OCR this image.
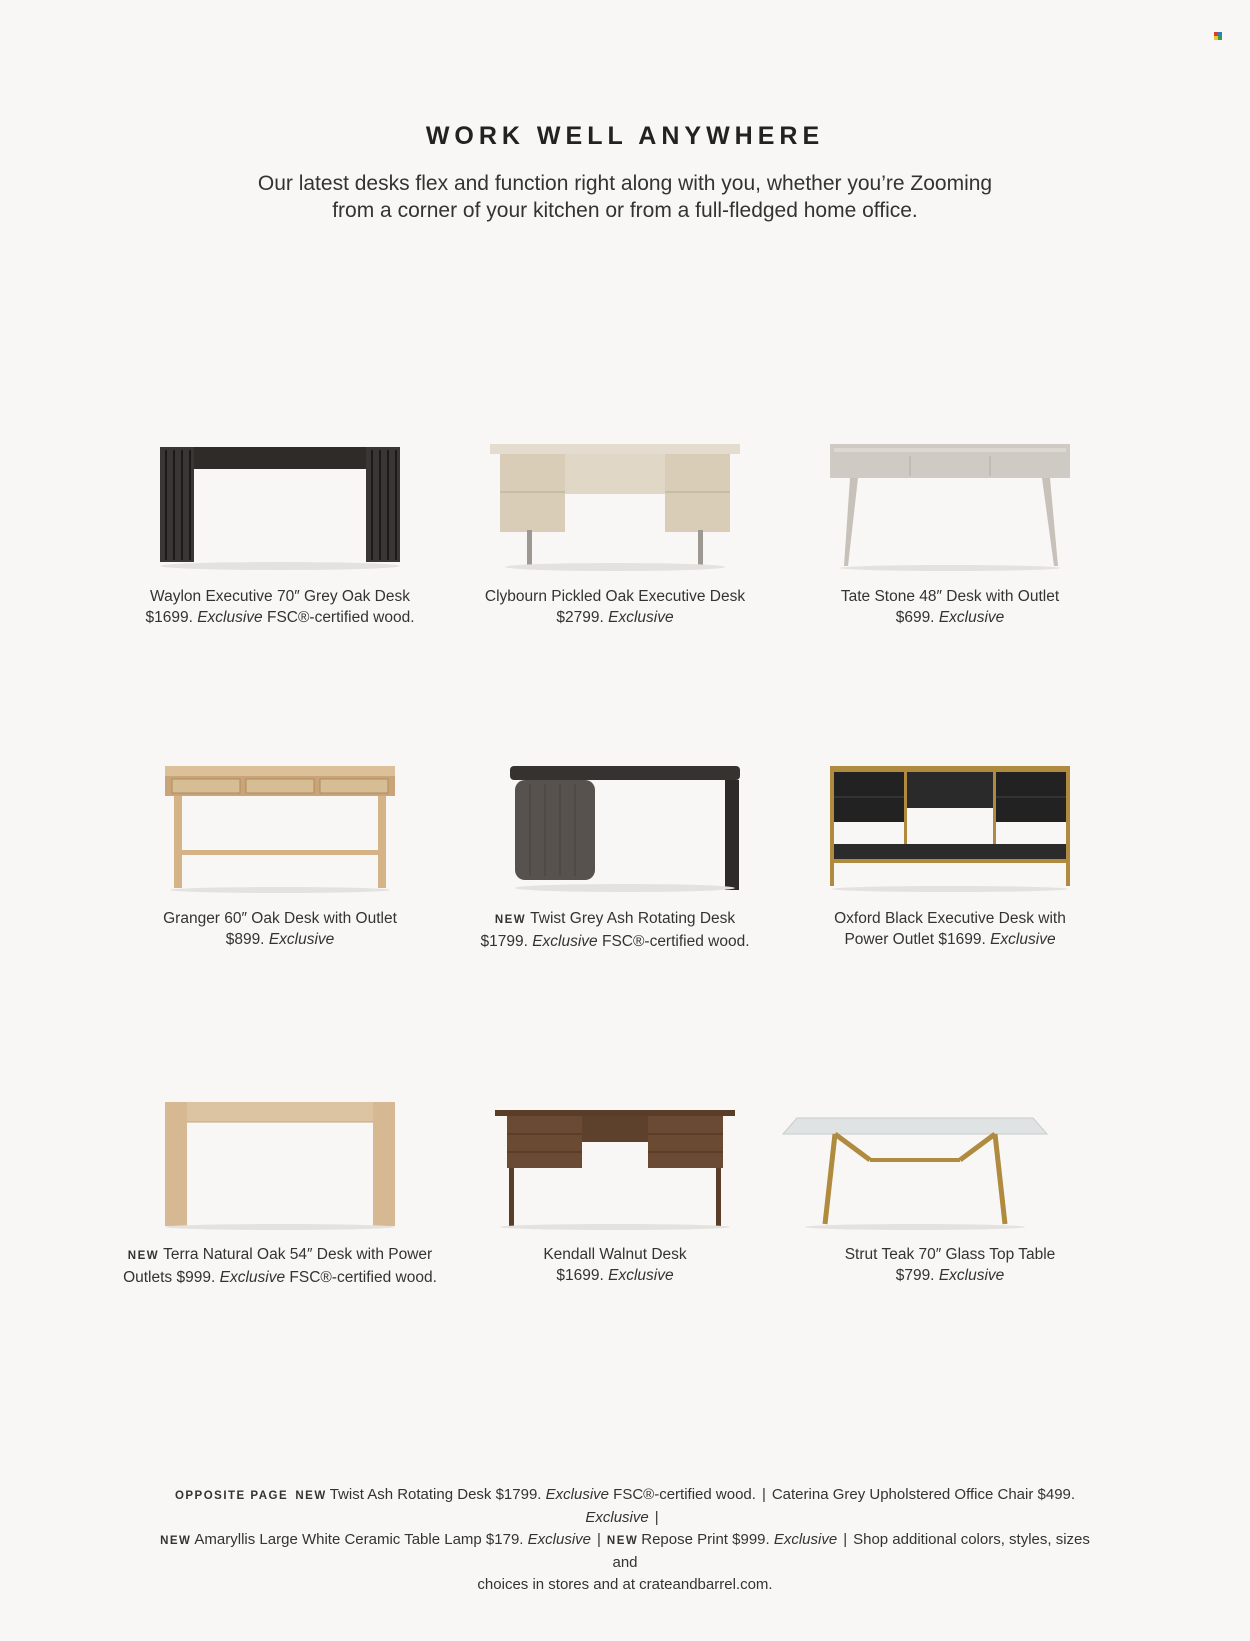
WORK WELL ANYWHERE
Our latest desks flex and function right along with you, whether you’re Zooming
from a corner of your kitchen or from a full-fledged home office.
Waylon Executive 70″ Grey Oak Desk
$1699. Exclusive FSC®-certified wood.
Clybourn Pickled Oak Executive Desk
$2799. Exclusive
Tate Stone 48″ Desk with Outlet
$699. Exclusive
Granger 60″ Oak Desk with Outlet
$899. Exclusive
NEW Twist Grey Ash Rotating Desk
$1799. Exclusive FSC®-certified wood.
Oxford Black Executive Desk with
Power Outlet $1699. Exclusive
NEW Terra Natural Oak 54″ Desk with Power
Outlets $999. Exclusive FSC®-certified wood.
Kendall Walnut Desk
$1699. Exclusive
Strut Teak 70″ Glass Top Table
$799. Exclusive
OPPOSITE PAGE NEW Twist Ash Rotating Desk $1799. Exclusive FSC®-certified wood. | Caterina Grey Upholstered Office Chair $499. Exclusive |
NEW Amaryllis Large White Ceramic Table Lamp $179. Exclusive | NEW Repose Print $999. Exclusive | Shop additional colors, styles, sizes and
choices in stores and at crateandbarrel.com.
